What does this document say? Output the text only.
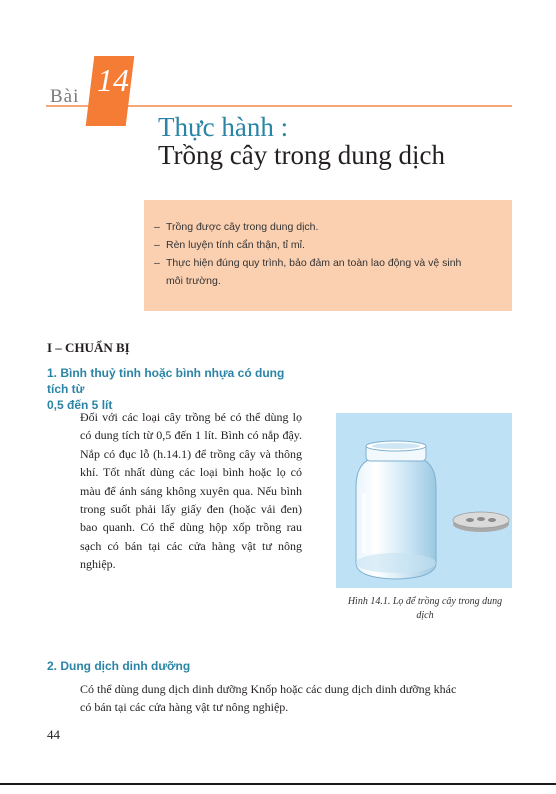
Bài 14
Thực hành :
Trồng cây trong dung dịch
– Trồng được cây trong dung dịch.
– Rèn luyện tính cẩn thận, tỉ mỉ.
– Thực hiện đúng quy trình, bảo đảm an toàn lao động và vệ sinh
môi trường.
I – CHUẨN BỊ
1. Bình thuỷ tinh hoặc bình nhựa có dung tích từ
0,5 đến 5 lít

Đối với các loại cây trồng bé có thể dùng lọ có dung tích từ 0,5 đến 1 lít. Bình có nắp đậy. Nắp có đục lỗ (h.14.1) để trồng cây và thông khí. Tốt nhất dùng các loại bình hoặc lọ có màu để ánh sáng không xuyên qua. Nếu bình trong suốt phải lấy giấy đen (hoặc vải đen) bao quanh. Có thể dùng hộp xốp trồng rau sạch có bán tại các cửa hàng vật tư nông nghiệp.

Hình 14.1. Lọ để trồng cây trong dung
dịch
2. Dung dịch dinh dưỡng
Có thể dùng dung dịch dinh dưỡng Knốp hoặc các dung dịch dinh dưỡng khác
có bán tại các cửa hàng vật tư nông nghiệp.
44
